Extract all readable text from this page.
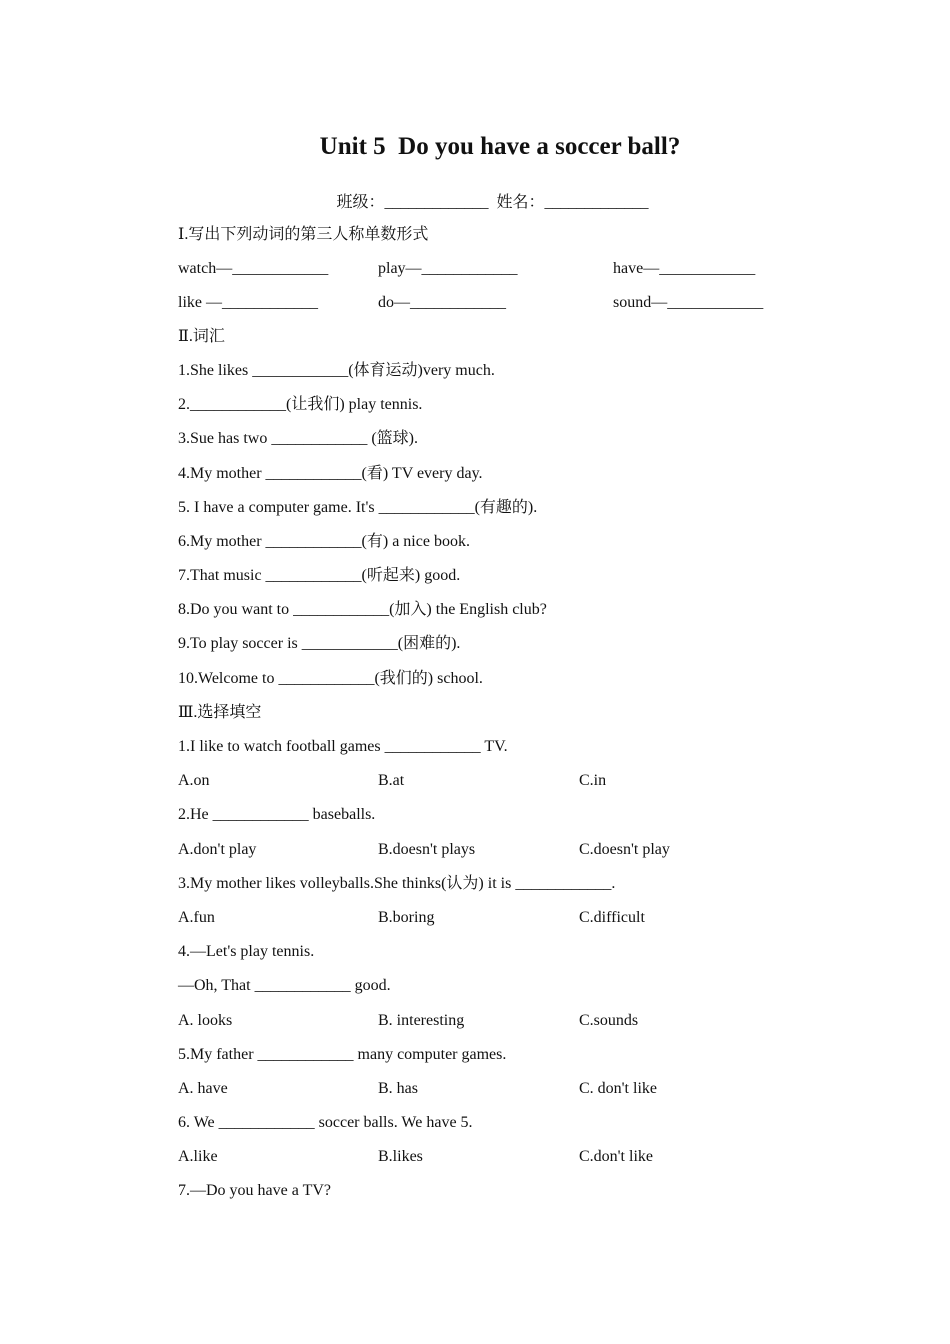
Unit 5  Do you have a soccer ball?
班级：_____________  姓名：_____________
Ⅰ.写出下列动词的第三人称单数形式
watch—____________	play—____________	have—____________
like —____________	do—____________	sound—____________
Ⅱ.词汇
1.She likes ____________(体育运动)very much.
2.____________(让我们) play tennis.
3.Sue has two ____________ (篮球).
4.My mother ____________(看) TV every day.
5. I have a computer game. It's ____________(有趣的).
6.My mother ____________(有) a nice book.
7.That music ____________(听起来) good.
8.Do you want to ____________(加入) the English club?
9.To play soccer is ____________(困难的).
10.Welcome to ____________(我们的) school.
Ⅲ.选择填空
1.I like to watch football games ____________ TV.
A.on	B.at	C.in
2.He ____________ baseballs.
A.don't play	B.doesn't plays	C.doesn't play
3.My mother likes volleyballs.She thinks(认为) it is ____________.
A.fun	B.boring	C.difficult
4.—Let's play tennis.
—Oh, That ____________ good.
A. looks	B. interesting	C.sounds
5.My father ____________ many computer games.
A. have	B. has	C. don't like
6. We ____________ soccer balls. We have 5.
A.like	B.likes	C.don't like
7.—Do you have a TV?
